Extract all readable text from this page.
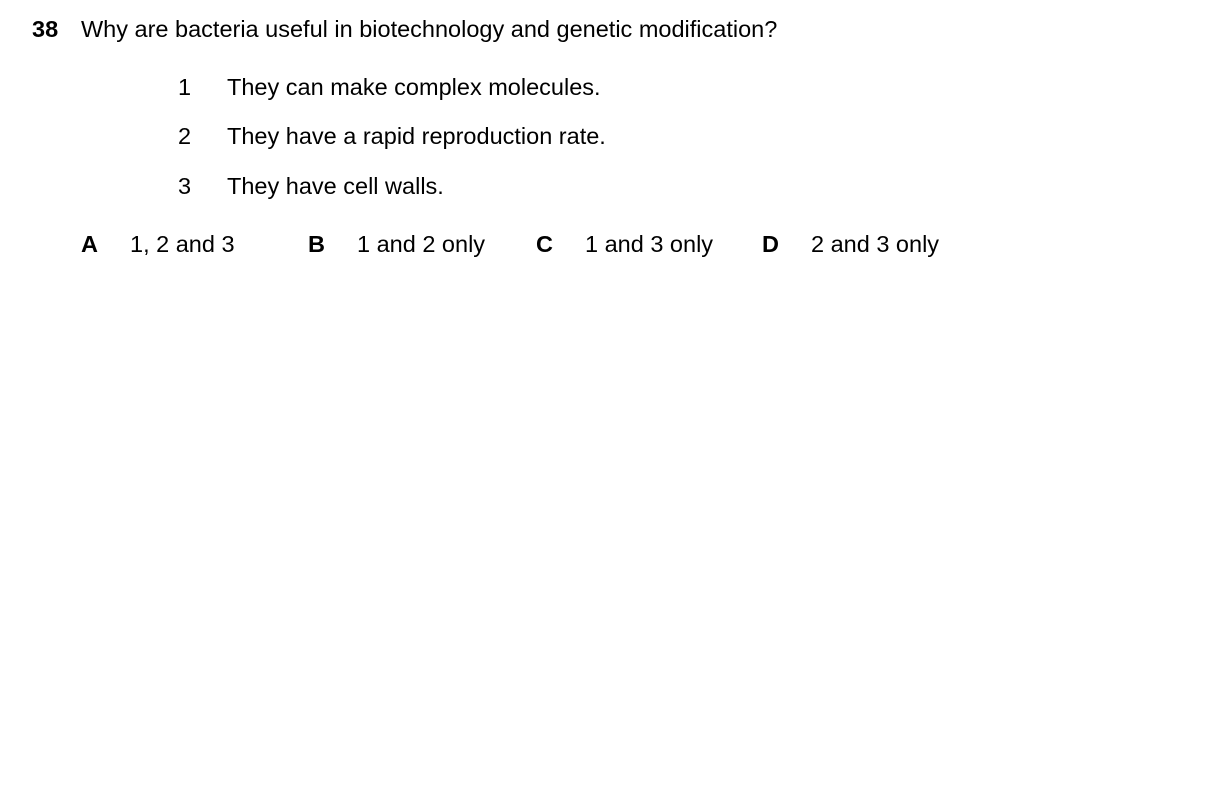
38 Why are bacteria useful in biotechnology and genetic modification?
1 They can make complex molecules.
2 They have a rapid reproduction rate.
3 They have cell walls.
A 1, 2 and 3	B 1 and 2 only C 1 and 3 only D 2 and 3 only
